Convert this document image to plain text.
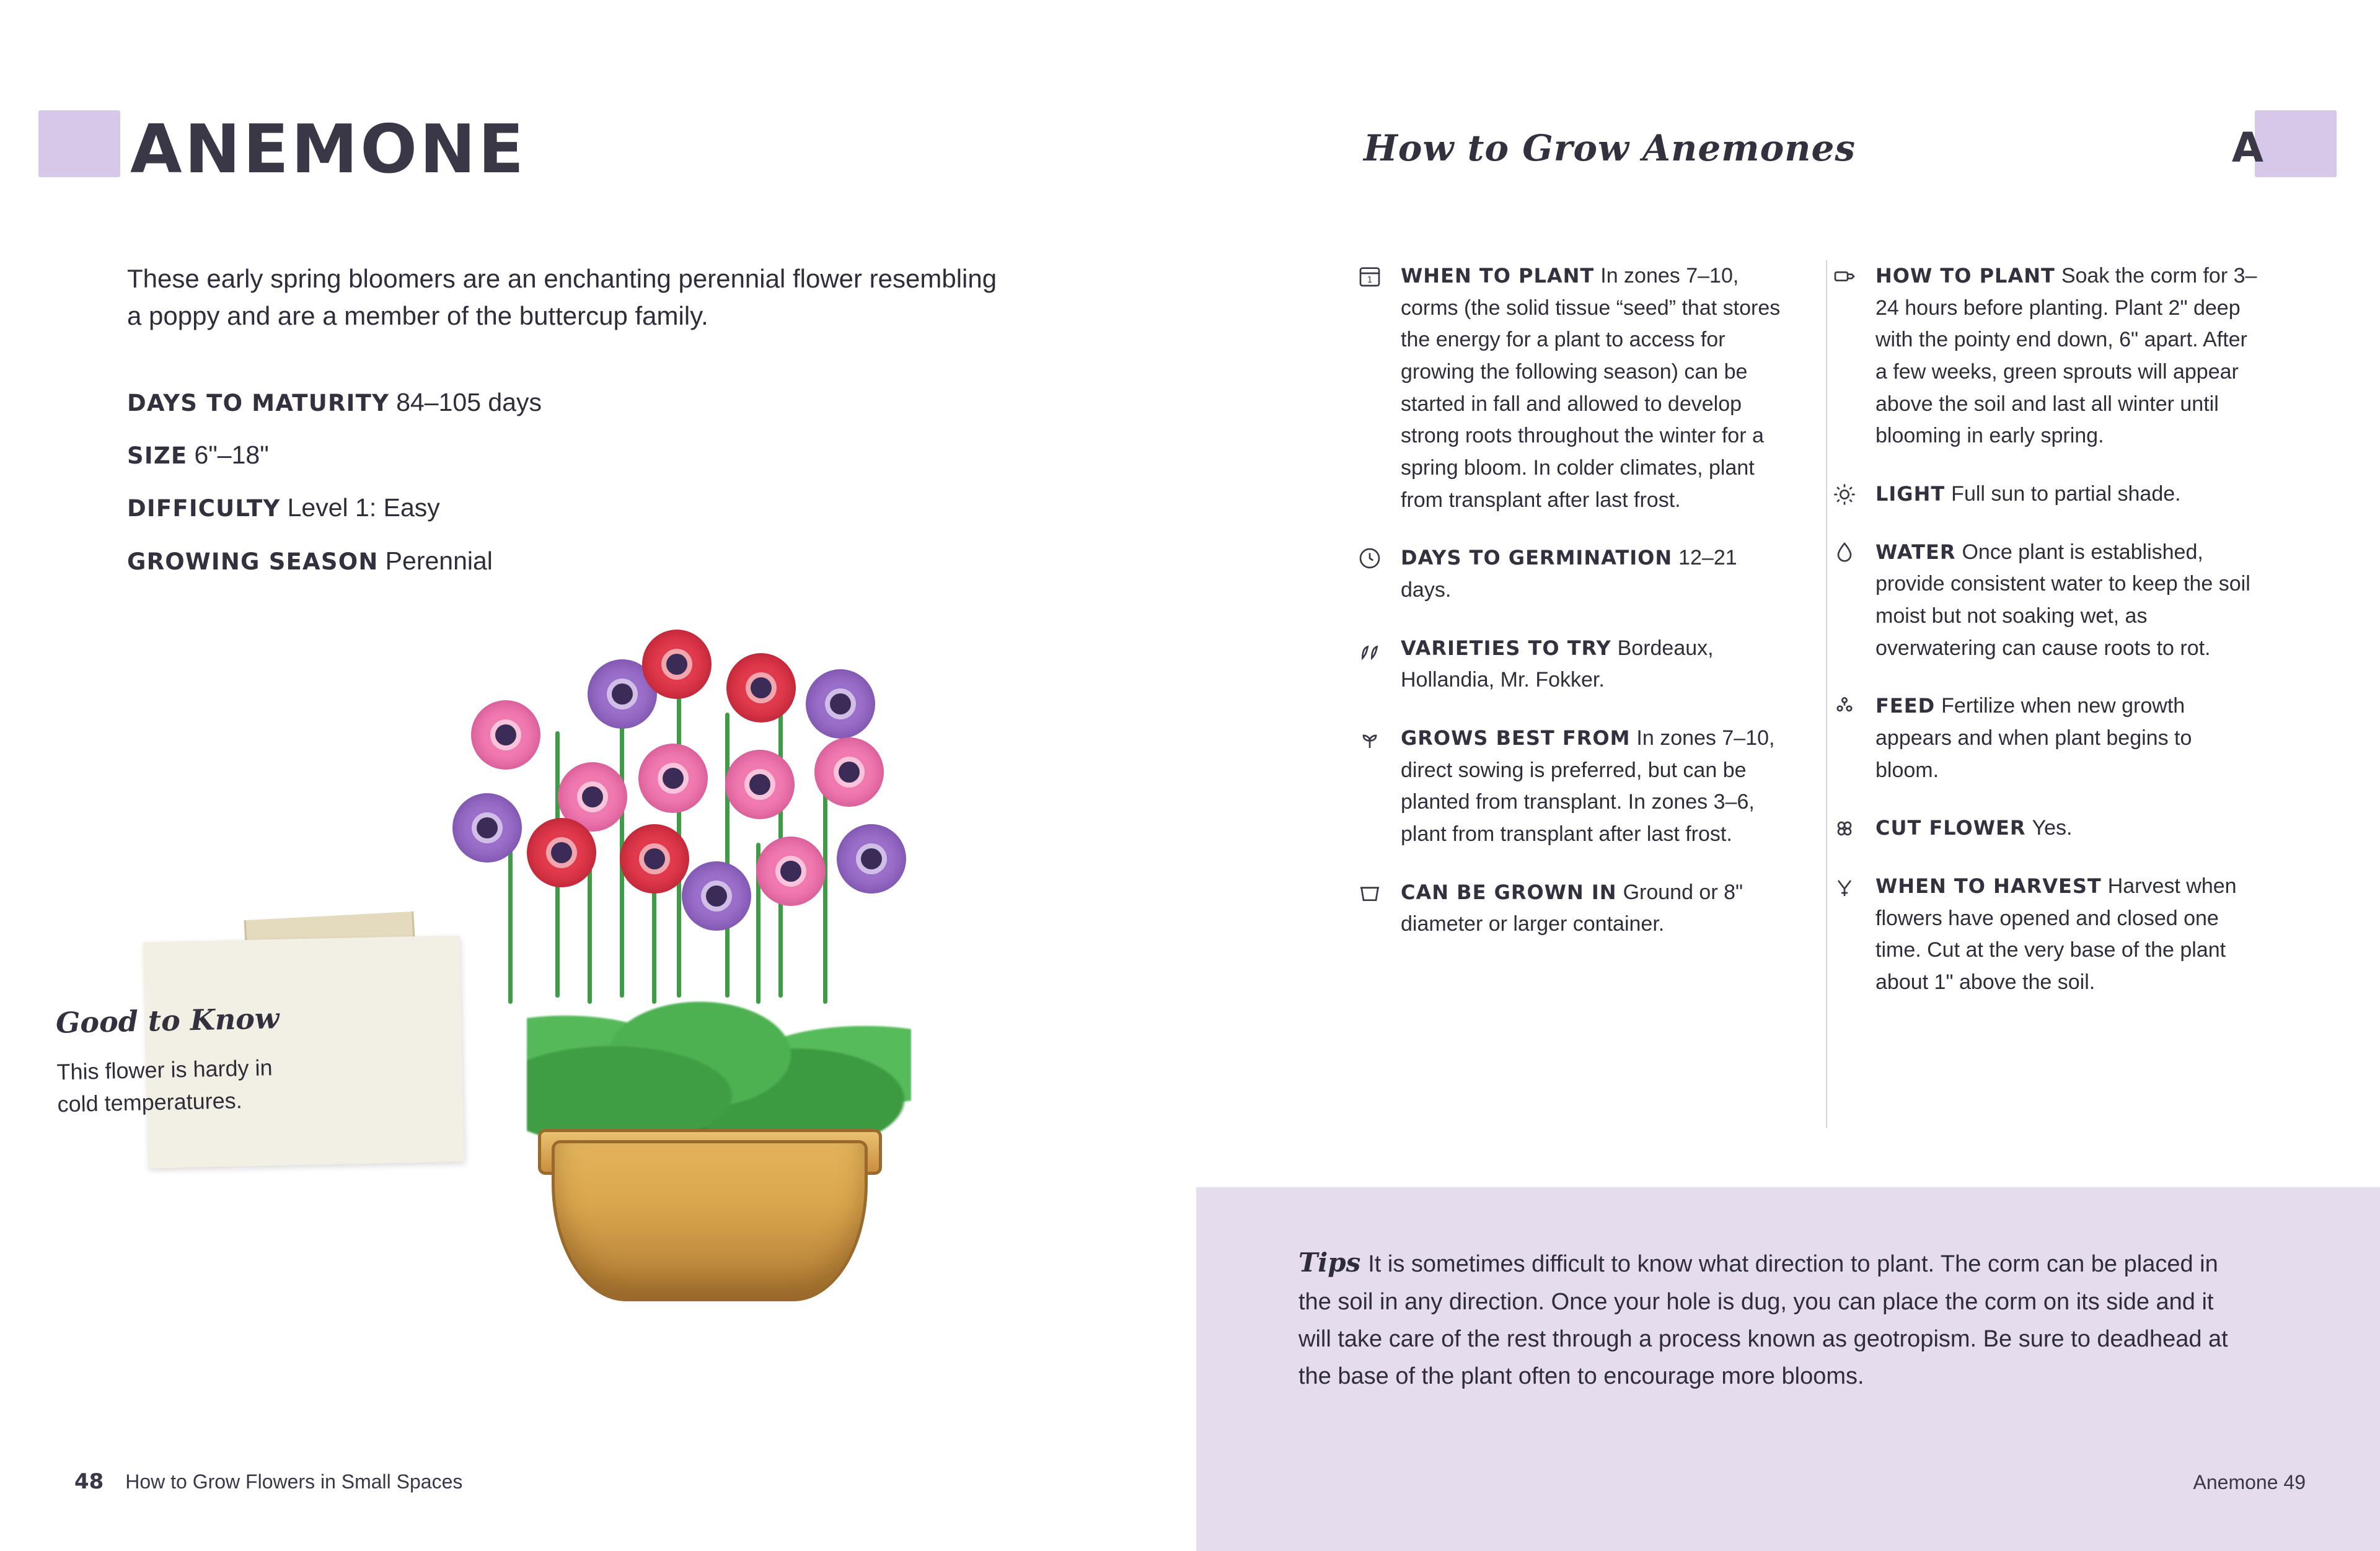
ANEMONE
These early spring bloomers are an enchanting perennial flower resembling a poppy and are a member of the buttercup family.
DAYS TO MATURITY 84–105 days
SIZE 6"–18"
DIFFICULTY Level 1: Easy
GROWING SEASON Perennial
Good to Know
This flower is hardy in cold temperatures.
48 How to Grow Flowers in Small Spaces
How to Grow Anemones	A
1 WHEN TO PLANT In zones 7–10, corms (the solid tissue “seed” that stores the energy for a plant to access for growing the following season) can be started in fall and allowed to develop strong roots throughout the winter for a spring bloom. In colder climates, plant from transplant after last frost.
DAYS TO GERMINATION 12–21 days.
VARIETIES TO TRY Bordeaux, Hollandia, Mr. Fokker.
GROWS BEST FROM In zones 7–10, direct sowing is preferred, but can be planted from transplant. In zones 3–6, plant from transplant after last frost.
CAN BE GROWN IN Ground or 8" diameter or larger container.
HOW TO PLANT Soak the corm for 3–24 hours before planting. Plant 2" deep with the pointy end down, 6" apart. After a few weeks, green sprouts will appear above the soil and last all winter until blooming in early spring.
LIGHT Full sun to partial shade.
WATER Once plant is established, provide consistent water to keep the soil moist but not soaking wet, as overwatering can cause roots to rot.
FEED Fertilize when new growth appears and when plant begins to bloom.
CUT FLOWER Yes.
WHEN TO HARVEST Harvest when flowers have opened and closed one time. Cut at the very base of the plant about 1" above the soil.
Tips It is sometimes difficult to know what direction to plant. The corm can be placed in the soil in any direction. Once your hole is dug, you can place the corm on its side and it will take care of the rest through a process known as geotropism. Be sure to deadhead at the base of the plant often to encourage more blooms.
Anemone 49
